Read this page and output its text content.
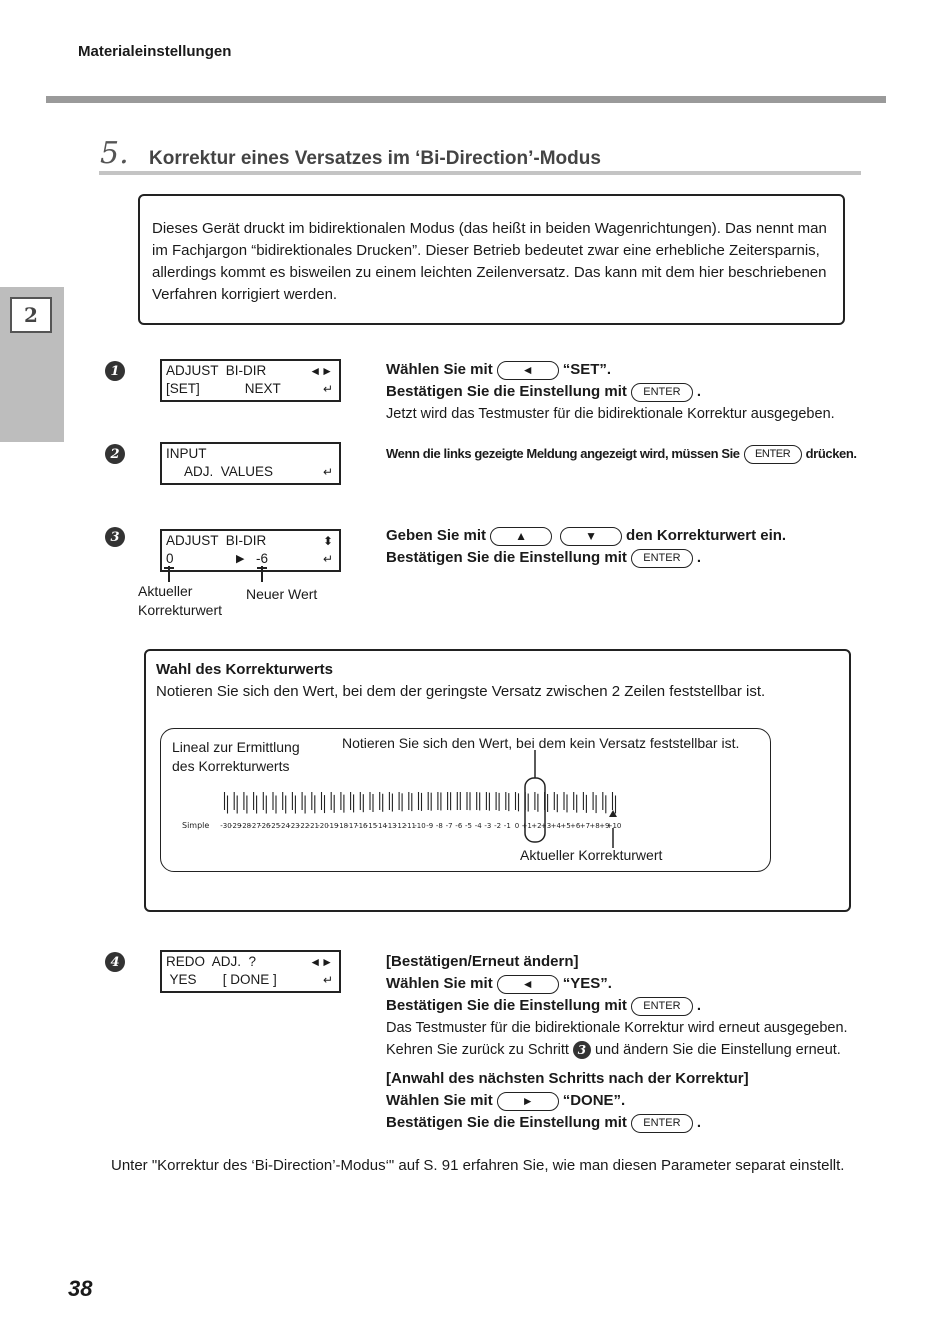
Materialeinstellungen
2
5. Korrektur eines Versatzes im ‘Bi-Direction’-Modus
Dieses Gerät druckt im bidirektionalen Modus (das heißt in beiden Wagenrichtungen). Das nennt man
im Fachjargon “bidirektionales Drucken”. Dieser Betrieb bedeutet zwar eine erhebliche Zeitersparnis,
allerdings kommt es bisweilen zu einem leichten Zeilenversatz. Das kann mit dem hier beschriebenen
Verfahren korrigiert werden.
1	ADJUST  BI-DIR	◄►
[SET]            NEXT	↵
Wählen Sie mit	◄	“SET”.
Bestätigen Sie die Einstellung mit	ENTER	.
Jetzt wird das Testmuster für die bidirektionale Korrektur ausgegeben.
2	INPUT
ADJ.  VALUES	↵
Wenn die links gezeigte Meldung angezeigt wird, müssen Sie	ENTER	drücken.
3	ADJUST  BI-DIR	⬍
0	▶ -6	↵
Aktueller
Korrekturwert
Neuer Wert
Geben Sie mit	▲	▼	den Korrekturwert ein.
Bestätigen Sie die Einstellung mit	ENTER	.
Wahl des Korrekturwerts
Notieren Sie sich den Wert, bei dem der geringste Versatz zwischen 2 Zeilen feststellbar ist.
Lineal zur Ermittlung
des Korrekturwerts
Notieren Sie sich den Wert, bei dem kein Versatz feststellbar ist.
-30
-29
-28
-27
-26
-25
-24
-23
-22
-21
-20
-19
-18
-17
-16
-15
-14
-13
-12
-11
-10 -9 -8 -7 -6 -5 -4 -3 -2 -1 0 +1 +2 +3 +4 +5 +6 +7 +8 +9
+10
Simple
Aktueller Korrekturwert
4	REDO  ADJ.  ?	◄►
YES       [ DONE ]	↵
[Bestätigen/Erneut ändern]
Wählen Sie mit	◄	“YES”.
Bestätigen Sie die Einstellung mit	ENTER	.
Das Testmuster für die bidirektionale Korrektur wird erneut ausgegeben.
Kehren Sie zurück zu Schritt 3 und ändern Sie die Einstellung erneut.
[Anwahl des nächsten Schritts nach der Korrektur]
Wählen Sie mit	►	“DONE”.
Bestätigen Sie die Einstellung mit	ENTER	.
Unter "Korrektur des ‘Bi-Direction’-Modus‘" auf S. 91 erfahren Sie, wie man diesen Parameter separat einstellt.
38
